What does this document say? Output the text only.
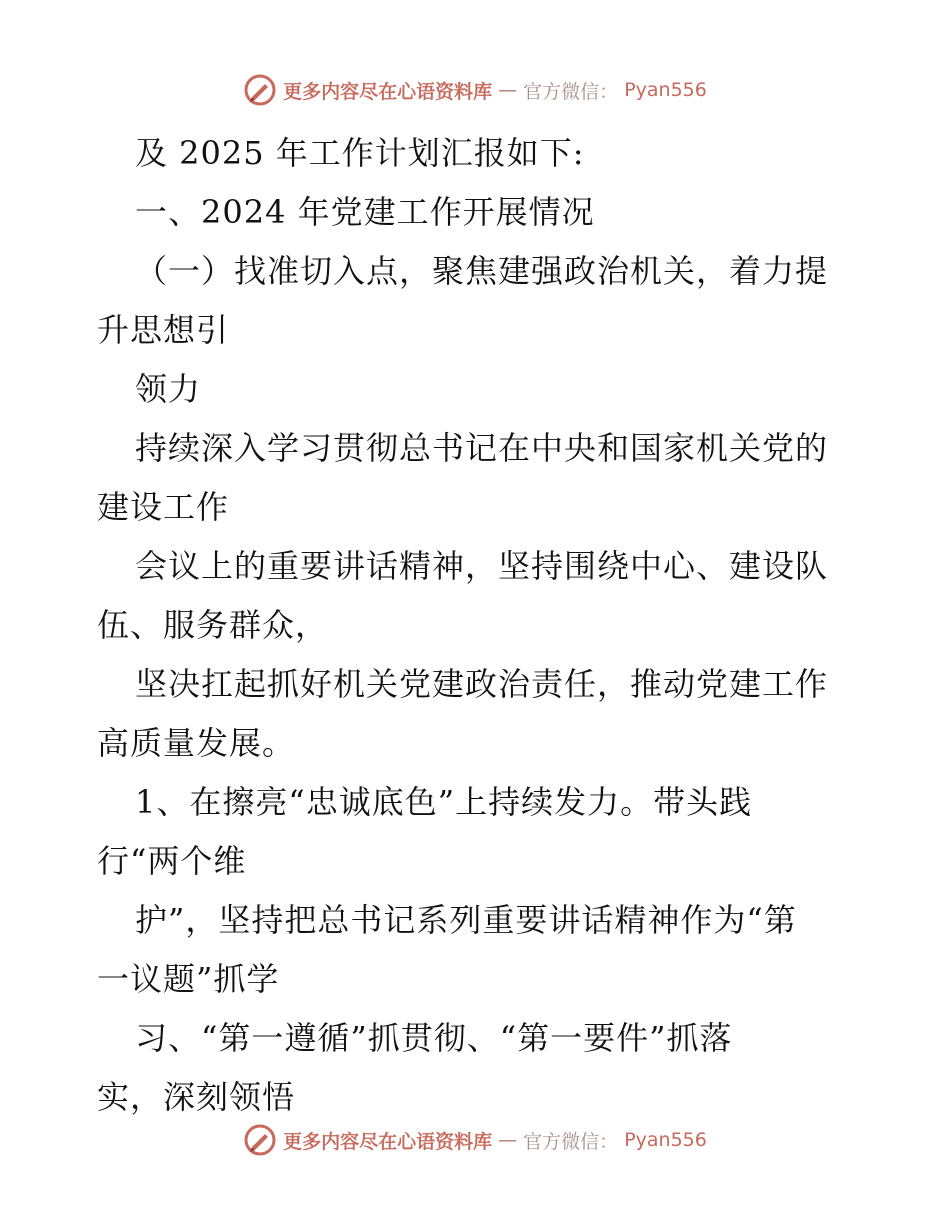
更多内容尽在心语资料库 — 官方微信： Pyan556
及 2025 年工作计划汇报如下:
一、2024 年党建工作开展情况
（一）找准切入点，聚焦建强政治机关，着力提
升思想引
领力
持续深入学习贯彻总书记在中央和国家机关党的
建设工作
会议上的重要讲话精神，坚持围绕中心、建设队
伍、服务群众，
坚决扛起抓好机关党建政治责任，推动党建工作
高质量发展。
1、在擦亮“忠诚底色”上持续发力。带头践
行“两个维
护”，坚持把总书记系列重要讲话精神作为“第
一议题”抓学
习、“第一遵循”抓贯彻、“第一要件”抓落
实，深刻领悟
更多内容尽在心语资料库 — 官方微信： Pyan556
